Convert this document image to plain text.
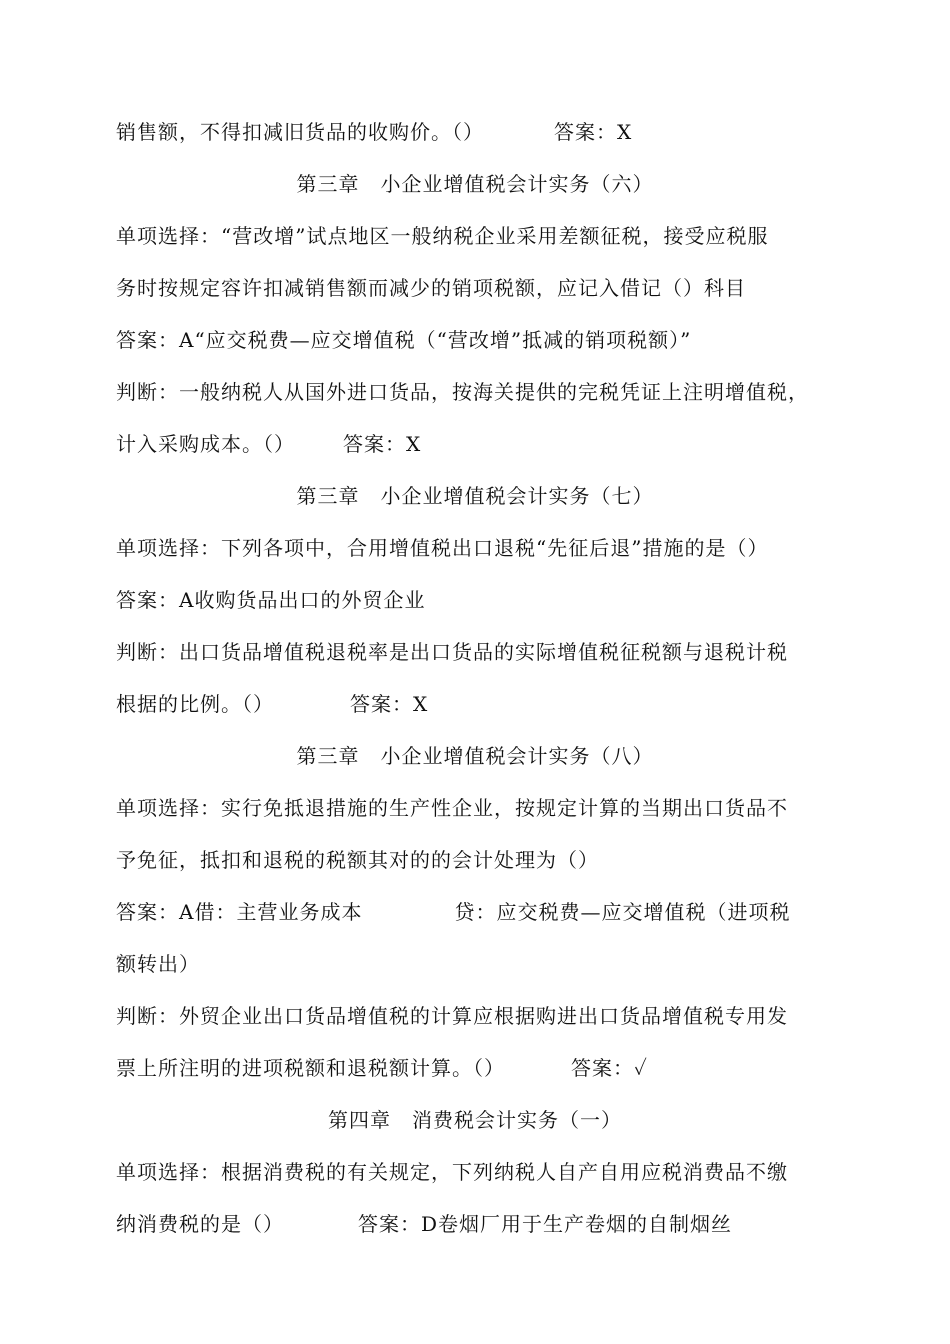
销售额，不得扣减旧货品的收购价。（）	答案：X
第三章　小企业增值税会计实务（六）
单项选择：“营改增”试点地区一般纳税企业采用差额征税，接受应税服
务时按规定容许扣减销售额而减少的销项税额，应记入借记（）科目
答案：A“应交税费—应交增值税（“营改增”抵减的销项税额）”
判断：一般纳税人从国外进口货品，按海关提供的完税凭证上注明增值税，
计入采购成本。（） 答案：X
第三章　小企业增值税会计实务（七）
单项选择：下列各项中，合用增值税出口退税“先征后退”措施的是（）
答案：A收购货品出口的外贸企业
判断：出口货品增值税退税率是出口货品的实际增值税征税额与退税计税
根据的比例。（）	答案：X
第三章　小企业增值税会计实务（八）
单项选择：实行免抵退措施的生产性企业，按规定计算的当期出口货品不
予免征，抵扣和退税的税额其对的的会计处理为（）
答案：A借：主营业务成本	贷：应交税费—应交增值税（进项税
额转出）
判断：外贸企业出口货品增值税的计算应根据购进出口货品增值税专用发
票上所注明的进项税额和退税额计算。（）	答案：✓
第四章　消费税会计实务（一）
单项选择：根据消费税的有关规定，下列纳税人自产自用应税消费品不缴
纳消费税的是（）	答案：D卷烟厂用于生产卷烟的自制烟丝
